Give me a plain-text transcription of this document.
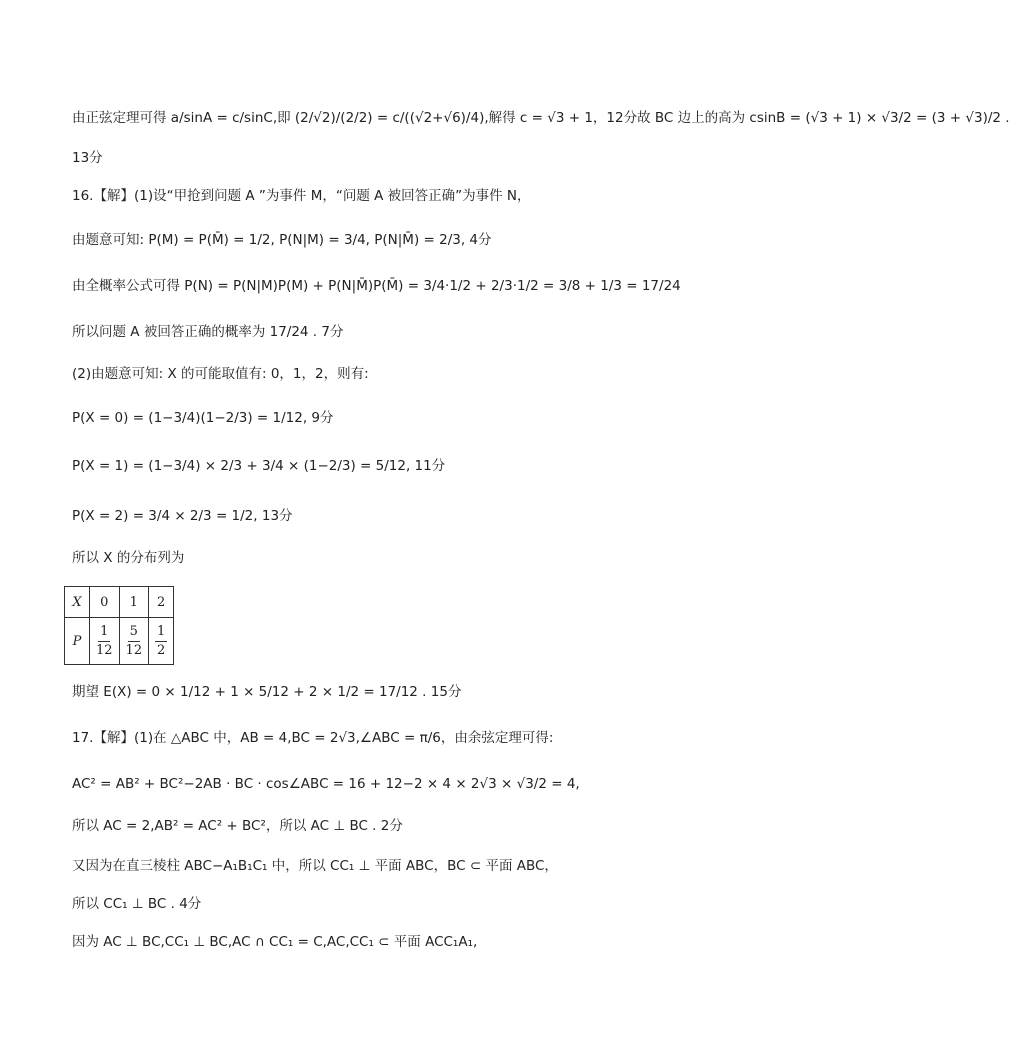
由正弦定理可得 a/sinA = c/sinC,即 (2/√2)/(2/2) = c/((√2+√6)/4),解得 c = √3 + 1，12分故 BC 边上的高为 csinB = (√3 + 1) × √3/2 = (3 + √3)/2 .
13分
16.【解】(1)设“甲抢到问题 A ”为事件 M，“问题 A 被回答正确”为事件 N，
由题意可知: P(M) = P(M̄) = 1/2, P(N|M) = 3/4, P(N|M̄) = 2/3, 4分
由全概率公式可得 P(N) = P(N|M)P(M) + P(N|M̄)P(M̄) = 3/4·1/2 + 2/3·1/2 = 3/8 + 1/3 = 17/24
所以问题 A 被回答正确的概率为 17/24 . 7分
(2)由题意可知: X 的可能取值有: 0，1，2，则有:
P(X = 0) = (1−3/4)(1−2/3) = 1/12, 9分
P(X = 1) = (1−3/4) × 2/3 + 3/4 × (1−2/3) = 5/12, 11分
P(X = 2) = 3/4 × 2/3 = 1/2, 13分
所以 X 的分布列为
X	0	1	2
P	$\frac{1}{12}$	$\frac{5}{12}$	$\frac{1}{2}$
期望 E(X) = 0 × 1/12 + 1 × 5/12 + 2 × 1/2 = 17/12 . 15分
17.【解】(1)在 △ABC 中，AB = 4,BC = 2√3,∠ABC = π/6，由余弦定理可得:
AC² = AB² + BC²−2AB · BC · cos∠ABC = 16 + 12−2 × 4 × 2√3 × √3/2 = 4,
所以 AC = 2,AB² = AC² + BC²，所以 AC ⊥ BC . 2分
又因为在直三棱柱 ABC−A₁B₁C₁ 中，所以 CC₁ ⊥ 平面 ABC，BC ⊂ 平面 ABC，
所以 CC₁ ⊥ BC . 4分
因为 AC ⊥ BC,CC₁ ⊥ BC,AC ∩ CC₁ = C,AC,CC₁ ⊂ 平面 ACC₁A₁,
